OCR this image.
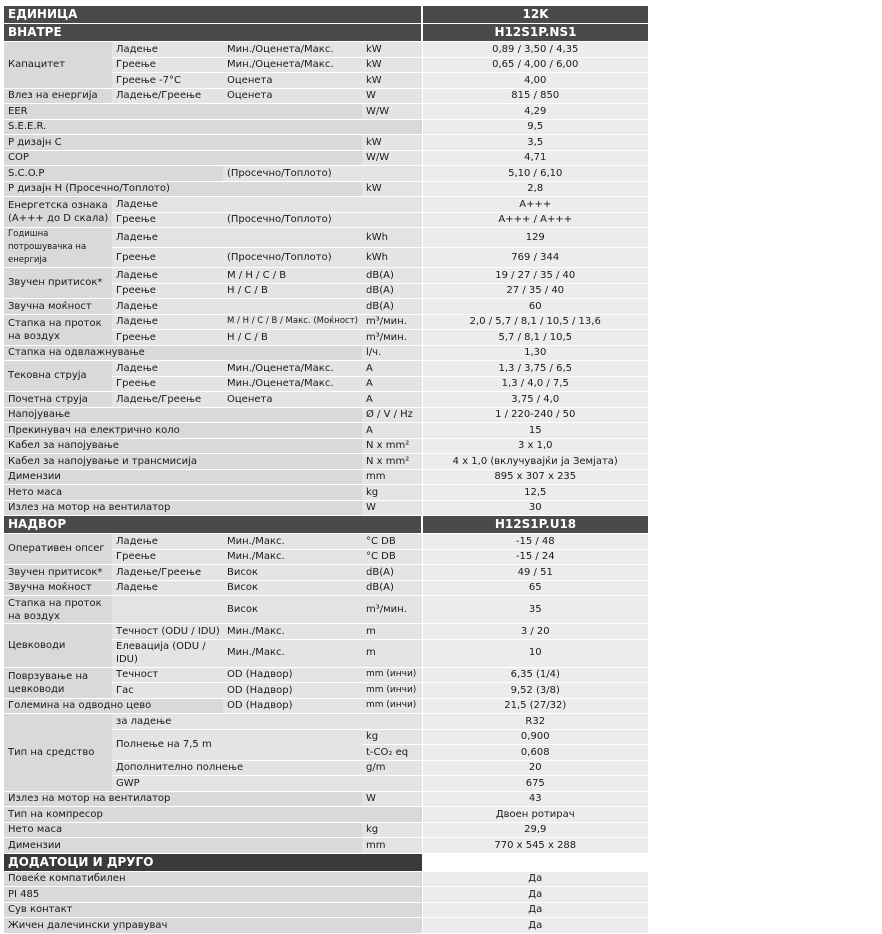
ЕДИНИЦА				12K
ВНАТРЕ				H12S1P.NS1
Капацитет	Ладење	Мин./Оценета/Макс.	kW	0,89 / 3,50 / 4,35
	Греење	Мин./Оценета/Макс.	kW	0,65 / 4,00 / 6,00
	Греење -7°C	Оценета	kW	4,00
Влез на енергија	Ладење/Греење	Оценета	W	815 / 850
EER			W/W	4,29
S.E.E.R.				9,5
P дизајн C			kW	3,5
COP			W/W	4,71
S.C.O.P		(Просечно/Топлото)		5,10 / 6,10
P дизајн H (Просечно/Топлото)			kW	2,8
Енергетска ознака (А+++ до D скала)	Ладење			А+++
	Греење	(Просечно/Топлото)		А+++ / А+++
Годишна потрошувачка на енергија	Ладење		kWh	129
	Греење	(Просечно/Топлото)	kWh	769 / 344
Звучен притисок*	Ладење	М / Н / С / В	dB(A)	19 / 27 / 35 / 40
	Греење	Н / С / В	dB(A)	27 / 35 / 40
Звучна моќност	Ладење		dB(A)	60
Стапка на проток на воздух	Ладење	М / Н / С / В / Макс. (Моќност)	m³/мин.	2,0 / 5,7 / 8,1 / 10,5 / 13,6
	Греење	Н / С / В	m³/мин.	5,7 / 8,1 / 10,5
Стапка на одвлажнување			l/ч.	1,30
Тековна струја	Ладење	Мин./Оценета/Макс.	A	1,3 / 3,75 / 6,5
	Греење	Мин./Оценета/Макс.	A	1,3 / 4,0 / 7,5
Почетна струја	Ладење/Греење	Оценета	A	3,75 / 4,0
Напојување			Ø / V / Hz	1 / 220-240 / 50
Прекинувач на електрично коло			A	15
Кабел за напојување			N x mm²	3 x 1,0
Кабел за напојување и трансмисија			N x mm²	4 x 1,0 (вклучувајќи ја Земјата)
Димензии			mm	895 x 307 x 235
Нето маса			kg	12,5
Излез на мотор на вентилатор			W	30
НАДВОР				H12S1P.U18
Оперативен опсег	Ладење	Мин./Макс.	°C DB	-15 / 48
	Греење	Мин./Макс.	°C DB	-15 / 24
Звучен притисок*	Ладење/Греење	Висок	dB(A)	49 / 51
Звучна моќност	Ладење	Висок	dB(A)	65
Стапка на проток на воздух		Висок	m³/мин.	35
Цевководи	Течност (ODU / IDU)	Мин./Макс.	m	3 / 20
	Елевација (ODU / IDU)	Мин./Макс.	m	10
Поврзување на цевководи	Течност	OD (Надвор)	mm (инчи)	6,35 (1/4)
	Гас	OD (Надвор)	mm (инчи)	9,52 (3/8)
Големина на одводно цево		OD (Надвор)	mm (инчи)	21,5 (27/32)
Тип на средство	за ладење			R32
	Полнење на 7,5 m		kg	0,900
			t-CO₂ eq	0,608
	Дополнително полнење		g/m	20
	GWP			675
Излез на мотор на вентилатор			W	43
Тип на компресор				Двоен ротирач
Нето маса			kg	29,9
Димензии			mm	770 x 545 x 288
ДОДАТОЦИ И ДРУГО				
Повеќе компатибилен				Да
PI 485				Да
Сув контакт				Да
Жичен далечински управувач				Да
